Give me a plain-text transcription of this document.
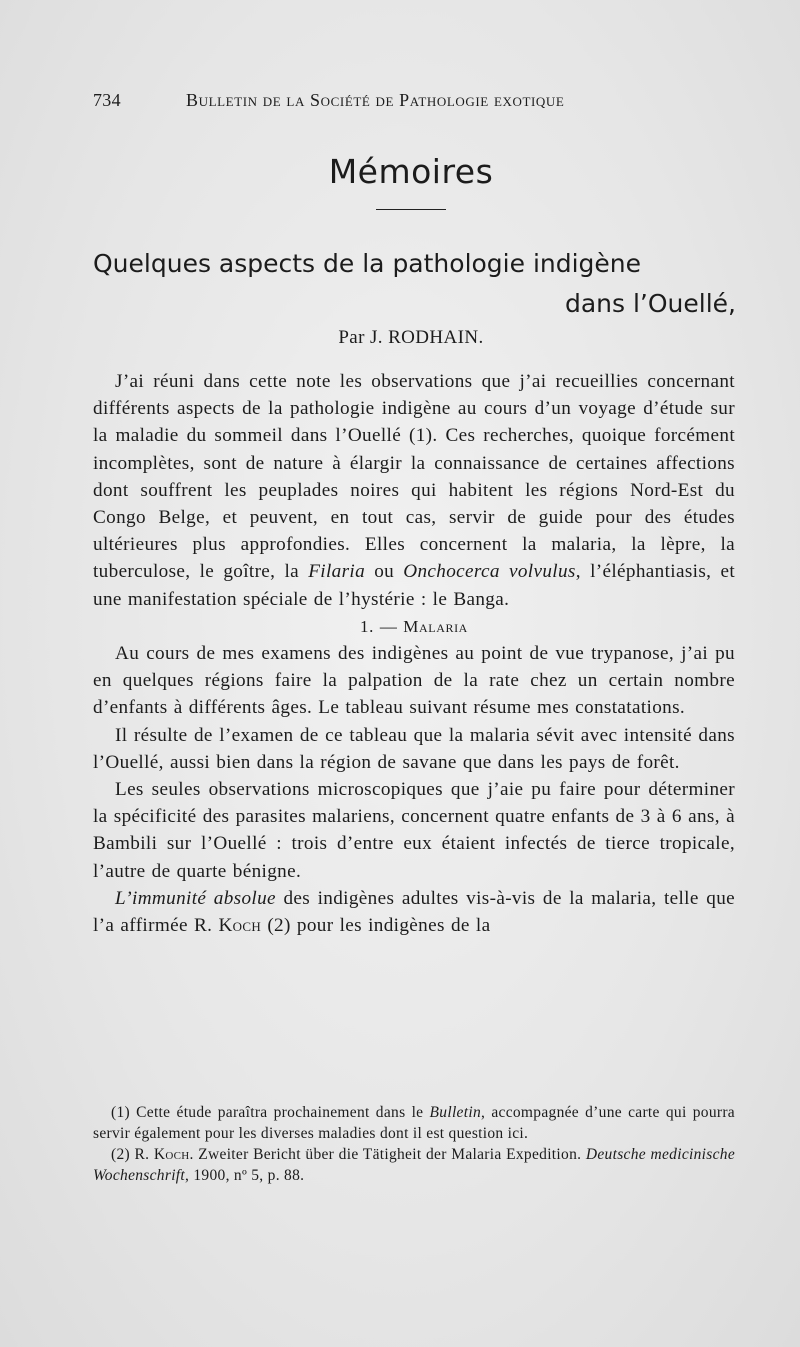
734	Bulletin de la Société de Pathologie exotique
Mémoires
Quelques aspects de la pathologie indigène
dans l’Ouellé,
Par J. RODHAIN.

J’ai réuni dans cette note les observations que j’ai recueillies concernant différents aspects de la pathologie indigène au cours d’un voyage d’étude sur la maladie du sommeil dans l’Ouellé (1). Ces recherches, quoique forcément incomplètes, sont de nature à élargir la connaissance de certaines affections dont souffrent les peuplades noires qui habitent les régions Nord-Est du Congo Belge, et peuvent, en tout cas, servir de guide pour des études ultérieures plus approfondies. Elles concernent la malaria, la lèpre, la tuberculose, le goître, la Filaria ou Onchocerca volvulus, l’éléphantiasis, et une manifestation spéciale de l’hystérie : le Banga.

1. — Malaria

Au cours de mes examens des indigènes au point de vue trypanose, j’ai pu en quelques régions faire la palpation de la rate chez un certain nombre d’enfants à différents âges. Le tableau suivant résume mes constatations.

Il résulte de l’examen de ce tableau que la malaria sévit avec intensité dans l’Ouellé, aussi bien dans la région de savane que dans les pays de forêt.

Les seules observations microscopiques que j’aie pu faire pour déterminer la spécificité des parasites malariens, concernent quatre enfants de 3 à 6 ans, à Bambili sur l’Ouellé : trois d’entre eux étaient infectés de tierce tropicale, l’autre de quarte bénigne.

L’immunité absolue des indigènes adultes vis-à-vis de la malaria, telle que l’a affirmée R. Koch (2) pour les indigènes de la

(1) Cette étude paraîtra prochainement dans le Bulletin, accompagnée d’une carte qui pourra servir également pour les diverses maladies dont il est question ici.

(2) R. Koch. Zweiter Bericht über die Tätigheit der Malaria Expedition. Deutsche medicinische Wochenschrift, 1900, nº 5, p. 88.
